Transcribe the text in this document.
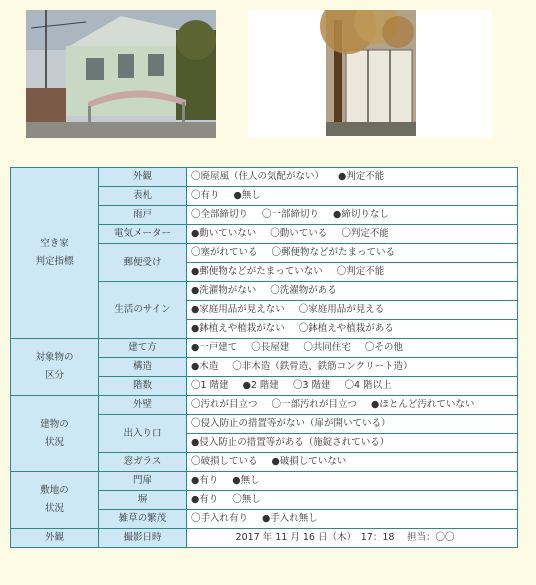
空き家
判定指標	外観	〇廃屋風（住人の気配がない） ●判定不能
	表札	〇有り ●無し
	雨戸	〇全部締切り 〇一部締切り ●締切りなし
	電気メーター	●動いていない 〇動いている 〇判定不能
	郵便受け	〇塞がれている 〇郵便物などがたまっている
		●郵便物などがたまっていない 〇判定不能
	生活のサイン	●洗濯物がない 〇洗濯物がある
		●家庭用品が見えない 〇家庭用品が見える
		●鉢植えや植栽がない 〇鉢植えや植栽がある
対象物の
区分	建て方	●一戸建て 〇長屋建 〇共同住宅 〇その他
	構造	●木造 〇非木造（鉄骨造、鉄筋コンクリート造）
	階数	〇1 階建 ●2 階建 〇3 階建 〇4 階以上
建物の
状況	外壁	〇汚れが目立つ 〇一部汚れが目立つ ●ほとんど汚れていない
	出入り口	〇侵入防止の措置等がない（扉が開いている）
		●侵入防止の措置等がある（施錠されている）
	窓ガラス	〇破損している ●破損していない
敷地の
状況	門扉	●有り ●無し
	塀	●有り 〇無し
	雑草の繁茂	〇手入れ有り ●手入れ無し
外観	撮影日時	2017 年 11 月 16 日（木）　17：18　 担当：〇〇
